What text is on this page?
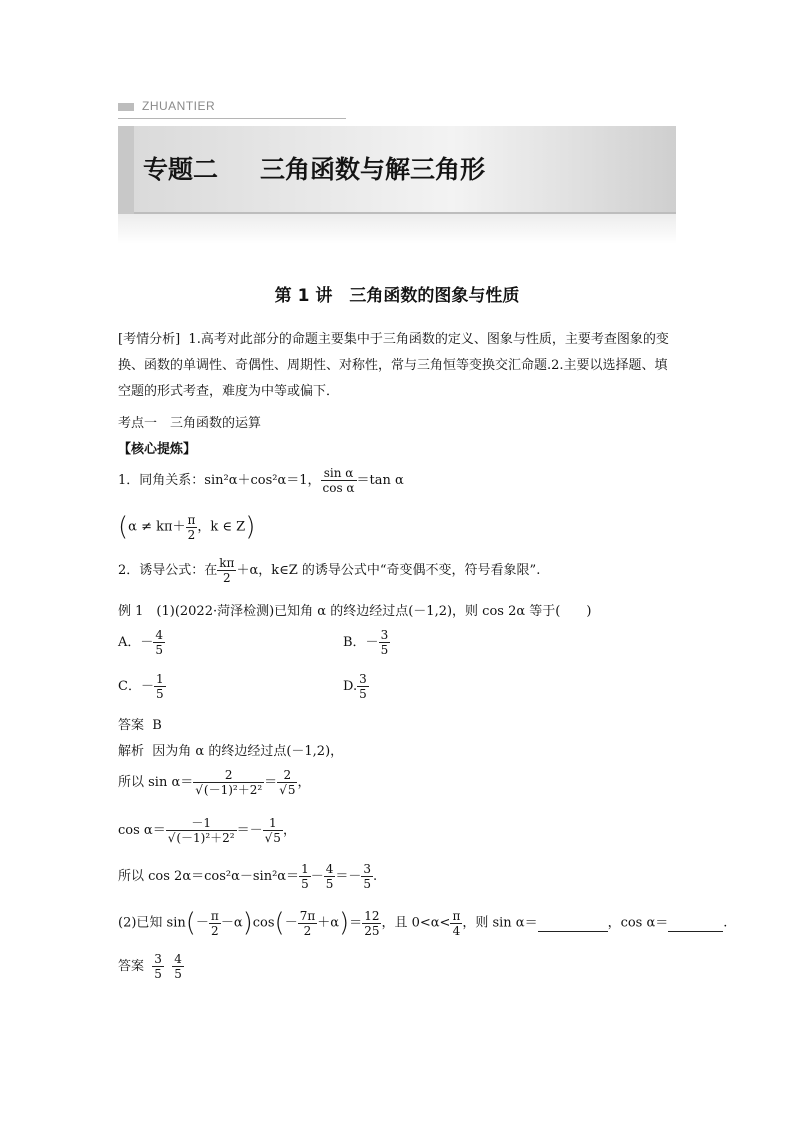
ZHUANTIER
专题二 三角函数与解三角形
第 1 讲　三角函数的图象与性质
[考情分析] 1.高考对此部分的命题主要集中于三角函数的定义、图象与性质，主要考查图象的变换、函数的单调性、奇偶性、周期性、对称性，常与三角恒等变换交汇命题.2.主要以选择题、填空题的形式考查，难度为中等或偏下．
考点一　三角函数的运算
【核心提炼】
1．同角关系：sin²α＋cos²α＝1， $\frac{\text{sin α}}{\text{cos α}} =\tan$ α
($\alpha \ne k\pi+ \frac{\pi}{2}$ ，k ∈ Z)
2．诱导公式：在 $\frac{k\pi}{2} +\alpha$，k∈Z 的诱导公式中“奇变偶不变，符号看象限”.
例 1　(1)(2022·菏泽检测)已知角 α 的终边经过点(－1,2)，则 cos 2α 等于(　　)
A．－ $\frac{4}{5}$	B．－ $\frac{3}{5}$
C．－ $\frac{1}{5}$	D. $\frac{3}{5}$
答案 B
解析 因为角 α 的终边经过点(－1,2)，
所以 $\sin \alpha= \frac{2}{\text{√(－1)²＋2²}} = \frac{2}{√5}$ ，
$\cos \alpha= \frac{-1}{\text{√(－1)²＋2²}} =- \frac{1}{√5}$ ，
所以 $\cos 2\alpha=\cos^2\alpha-\sin^2\alpha= \frac{1}{5} - \frac{4}{5} =- \frac{3}{5}$ .
(2)已知 $\sin(- \frac{\pi}{2} -\alpha)\cos(- \frac{7\pi}{2} +\alpha)= \frac{12}{25}$ ，且 $0<\alpha< \frac{\pi}{4}$ ，则 sin α＝	，cos α＝	.
答案 $\frac{3}{5}$
$\frac{4}{5}$
